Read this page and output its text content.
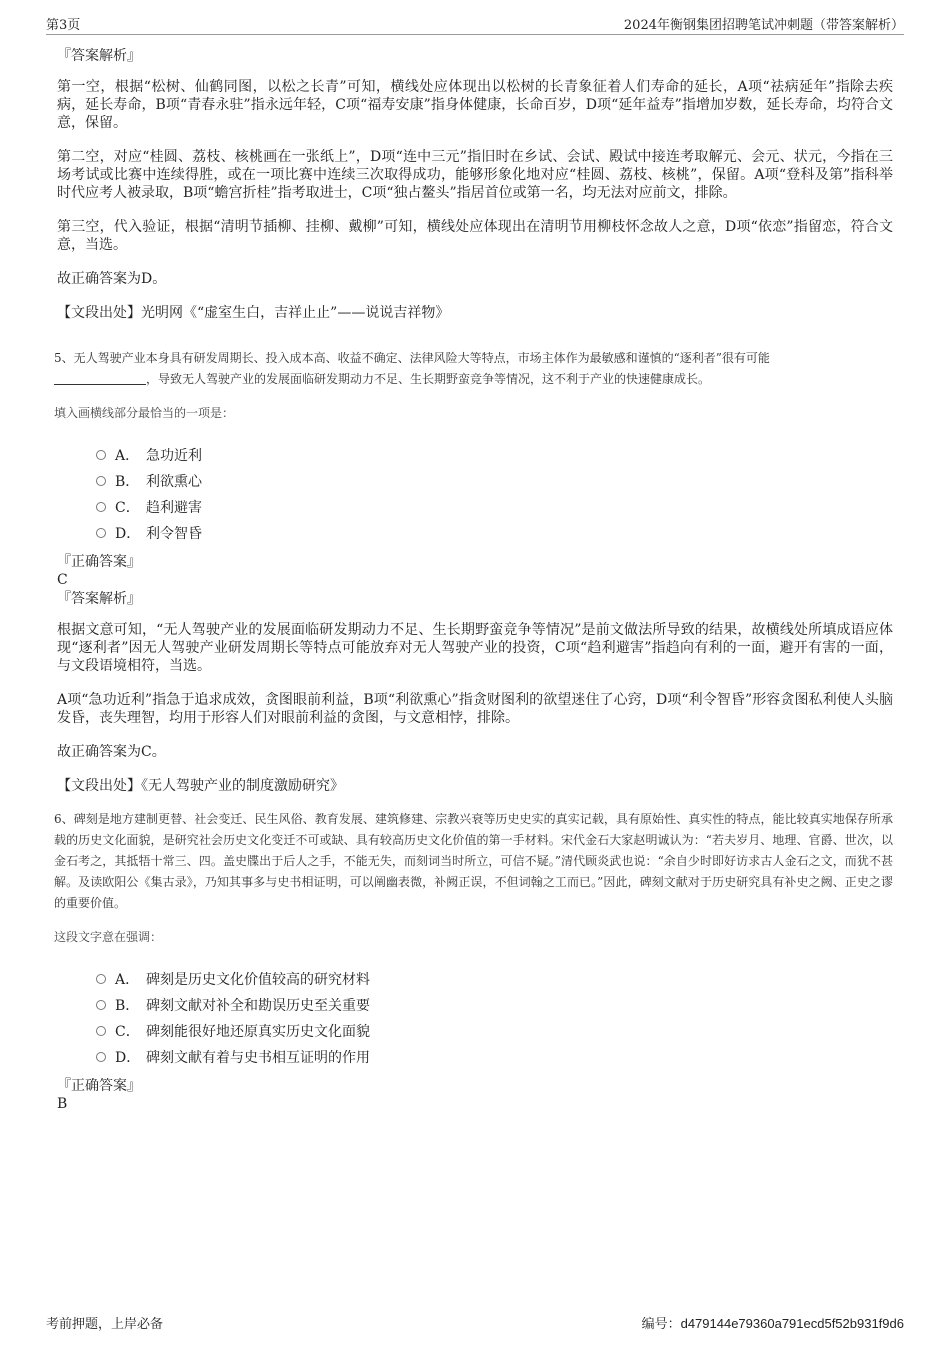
第3页	2024年衡钢集团招聘笔试冲刺题（带答案解析）
『答案解析』
第一空，根据“松树、仙鹤同图，以松之长青”可知，横线处应体现出以松树的长青象征着人们寿命的延长，A项“祛病延年”指除去疾病，延长寿命，B项“青春永驻”指永远年轻，C项“福寿安康”指身体健康，长命百岁，D项“延年益寿”指增加岁数，延长寿命，均符合文意，保留。
第二空，对应“桂圆、荔枝、核桃画在一张纸上”，D项“连中三元”指旧时在乡试、会试、殿试中接连考取解元、会元、状元，今指在三场考试或比赛中连续得胜，或在一项比赛中连续三次取得成功，能够形象化地对应“桂圆、荔枝、核桃”，保留。A项“登科及第”指科举时代应考人被录取，B项“蟾宫折桂”指考取进士，C项“独占鳌头”指居首位或第一名，均无法对应前文，排除。
第三空，代入验证，根据“清明节插柳、挂柳、戴柳”可知，横线处应体现出在清明节用柳枝怀念故人之意，D项“依恋”指留恋，符合文意，当选。
故正确答案为D。
【文段出处】光明网《“虚室生白，吉祥止止”——说说吉祥物》
5、无人驾驶产业本身具有研发周期长、投入成本高、收益不确定、法律风险大等特点，市场主体作为最敏感和谨慎的“逐利者”很有可能
，导致无人驾驶产业的发展面临研发期动力不足、生长期野蛮竞争等情况，这不利于产业的快速健康成长。
填入画横线部分最恰当的一项是：
A． 急功近利
B． 利欲熏心
C． 趋利避害
D． 利令智昏
『正确答案』
C
『答案解析』
根据文意可知，“无人驾驶产业的发展面临研发期动力不足、生长期野蛮竞争等情况”是前文做法所导致的结果，故横线处所填成语应体现“逐利者”因无人驾驶产业研发周期长等特点可能放弃对无人驾驶产业的投资，C项“趋利避害”指趋向有利的一面，避开有害的一面，与文段语境相符，当选。
A项“急功近利”指急于追求成效，贪图眼前利益，B项“利欲熏心”指贪财图利的欲望迷住了心窍，D项“利令智昏”形容贪图私利使人头脑发昏，丧失理智，均用于形容人们对眼前利益的贪图，与文意相悖，排除。
故正确答案为C。
【文段出处】《无人驾驶产业的制度激励研究》
6、碑刻是地方建制更替、社会变迁、民生风俗、教育发展、建筑修建、宗教兴衰等历史史实的真实记载，具有原始性、真实性的特点，能比较真实地保存所承载的历史文化面貌，是研究社会历史文化变迁不可或缺、具有较高历史文化价值的第一手材料。宋代金石大家赵明诚认为：“若夫岁月、地理、官爵、世次，以金石考之，其抵牾十常三、四。盖史牒出于后人之手，不能无失，而刻词当时所立，可信不疑。”清代顾炎武也说：“余自少时即好访求古人金石之文，而犹不甚解。及读欧阳公《集古录》，乃知其事多与史书相证明，可以阐幽表微，补阙正误，不但词翰之工而已。”因此，碑刻文献对于历史研究具有补史之阙、正史之谬的重要价值。
这段文字意在强调：
A． 碑刻是历史文化价值较高的研究材料
B． 碑刻文献对补全和勘误历史至关重要
C． 碑刻能很好地还原真实历史文化面貌
D． 碑刻文献有着与史书相互证明的作用
『正确答案』
B
考前押题，上岸必备	编号：d479144e79360a791ecd5f52b931f9d6
